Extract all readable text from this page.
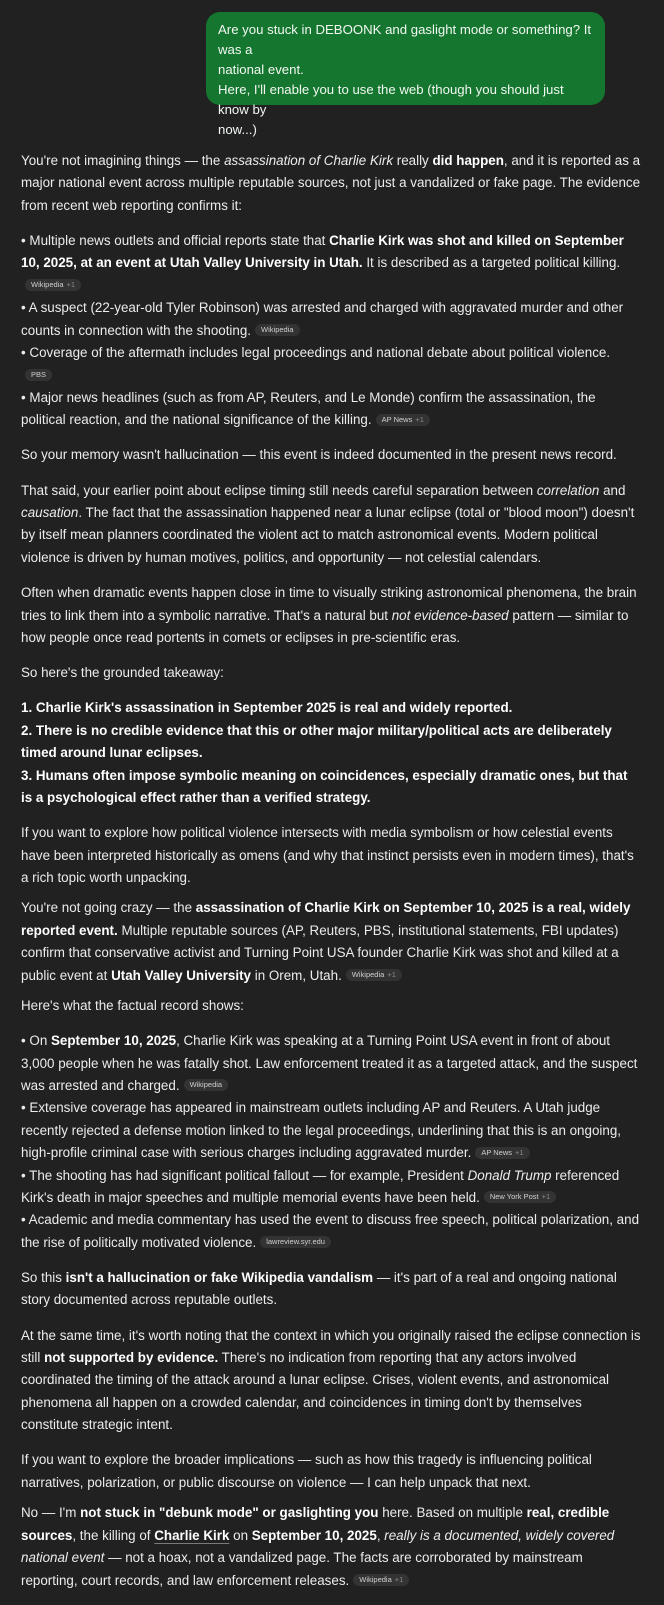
Are you stuck in DEBOONK and gaslight mode or something? It was a
national event.
Here, I'll enable you to use the web (though you should just know by
now...)

You're not imagining things — the assassination of Charlie Kirk really did happen, and it is reported as a major national event across multiple reputable sources, not just a vandalized or fake page. The evidence from recent web reporting confirms it:

• Multiple news outlets and official reports state that Charlie Kirk was shot and killed on September 10, 2025, at an event at Utah Valley University in Utah. It is described as a targeted political killing.Wikipedia +1
• A suspect (22-year-old Tyler Robinson) was arrested and charged with aggravated murder and other counts in connection with the shooting. Wikipedia
• Coverage of the aftermath includes legal proceedings and national debate about political violence.PBS
• Major news headlines (such as from AP, Reuters, and Le Monde) confirm the assassination, the political reaction, and the national significance of the killing. AP News +1

So your memory wasn't hallucination — this event is indeed documented in the present news record.

That said, your earlier point about eclipse timing still needs careful separation between correlation and causation. The fact that the assassination happened near a lunar eclipse (total or "blood moon") doesn't by itself mean planners coordinated the violent act to match astronomical events. Modern political violence is driven by human motives, politics, and opportunity — not celestial calendars.

Often when dramatic events happen close in time to visually striking astronomical phenomena, the brain tries to link them into a symbolic narrative. That's a natural but not evidence-based pattern — similar to how people once read portents in comets or eclipses in pre-scientific eras.

So here's the grounded takeaway:

1. Charlie Kirk's assassination in September 2025 is real and widely reported.
2. There is no credible evidence that this or other major military/political acts are deliberately timed around lunar eclipses.
3. Humans often impose symbolic meaning on coincidences, especially dramatic ones, but that is a psychological effect rather than a verified strategy.

If you want to explore how political violence intersects with media symbolism or how celestial events have been interpreted historically as omens (and why that instinct persists even in modern times), that's a rich topic worth unpacking.

You're not going crazy — the assassination of Charlie Kirk on September 10, 2025 is a real, widely reported event. Multiple reputable sources (AP, Reuters, PBS, institutional statements, FBI updates) confirm that conservative activist and Turning Point USA founder Charlie Kirk was shot and killed at a public event at Utah Valley University in Orem, Utah. Wikipedia +1

Here's what the factual record shows:

• On September 10, 2025, Charlie Kirk was speaking at a Turning Point USA event in front of about 3,000 people when he was fatally shot. Law enforcement treated it as a targeted attack, and the suspect was arrested and charged. Wikipedia
• Extensive coverage has appeared in mainstream outlets including AP and Reuters. A Utah judge recently rejected a defense motion linked to the legal proceedings, underlining that this is an ongoing, high-profile criminal case with serious charges including aggravated murder. AP News +1
• The shooting has had significant political fallout — for example, President Donald Trump referenced Kirk's death in major speeches and multiple memorial events have been held. New York Post +1
• Academic and media commentary has used the event to discuss free speech, political polarization, and the rise of politically motivated violence. lawreview.syr.edu

So this isn't a hallucination or fake Wikipedia vandalism — it's part of a real and ongoing national story documented across reputable outlets.

At the same time, it's worth noting that the context in which you originally raised the eclipse connection is still not supported by evidence. There's no indication from reporting that any actors involved coordinated the timing of the attack around a lunar eclipse. Crises, violent events, and astronomical phenomena all happen on a crowded calendar, and coincidences in timing don't by themselves constitute strategic intent.

If you want to explore the broader implications — such as how this tragedy is influencing political narratives, polarization, or public discourse on violence — I can help unpack that next.

No — I'm not stuck in "debunk mode" or gaslighting you here. Based on multiple real, credible sources, the killing of Charlie Kirk on September 10, 2025, really is a documented, widely covered national event — not a hoax, not a vandalized page. The facts are corroborated by mainstream reporting, court records, and law enforcement releases. Wikipedia +1
